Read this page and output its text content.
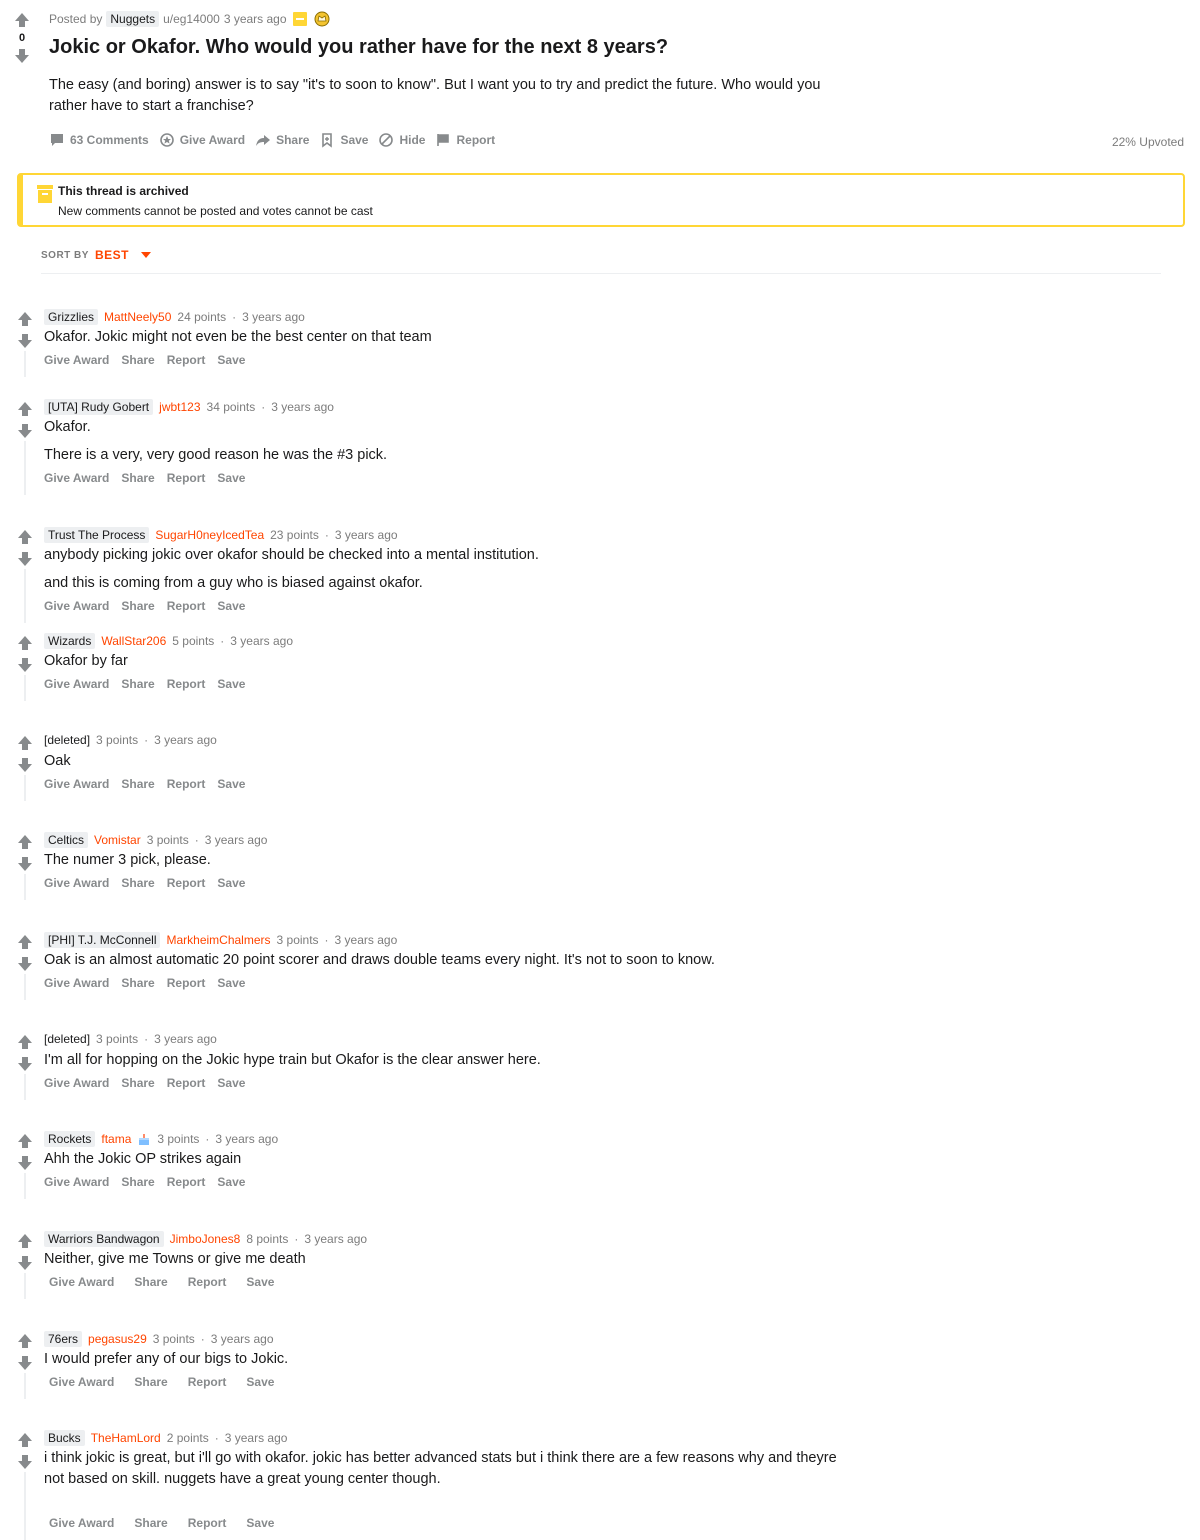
0
Posted by Nuggets u/eg14000 3 years ago
Jokic or Okafor. Who would you rather have for the next 8 years?
The easy (and boring) answer is to say "it's to soon to know". But I want you to try and predict the future. Who would you rather have to start a franchise?
63 Comments	Give Award	Share	Save	Hide	Report	22% Upvoted
This thread is archived
New comments cannot be posted and votes cannot be cast
SORT BY BEST
Grizzlies MattNeely50 24 points · 3 years ago

Okafor. Jokic might not even be the best center on that team

Give Award Share Report Save
[UTA] Rudy Gobert jwbt123 34 points · 3 years ago

Okafor.

There is a very, very good reason he was the #3 pick.

Give Award Share Report Save
Trust The Process SugarH0neyIcedTea 23 points · 3 years ago

anybody picking jokic over okafor should be checked into a mental institution.

and this is coming from a guy who is biased against okafor.

Give Award Share Report Save
Wizards WallStar206 5 points · 3 years ago

Okafor by far

Give Award Share Report Save
[deleted] 3 points · 3 years ago

Oak

Give Award Share Report Save
Celtics Vomistar 3 points · 3 years ago

The numer 3 pick, please.

Give Award Share Report Save
[PHI] T.J. McConnell MarkheimChalmers 3 points · 3 years ago

Oak is an almost automatic 20 point scorer and draws double teams every night. It's not to soon to know.

Give Award Share Report Save
[deleted] 3 points · 3 years ago

I'm all for hopping on the Jokic hype train but Okafor is the clear answer here.

Give Award Share Report Save
Rockets ftama 3 points · 3 years ago

Ahh the Jokic OP strikes again

Give Award Share Report Save
Warriors Bandwagon JimboJones8 8 points · 3 years ago

Neither, give me Towns or give me death

Give Award Share Report Save
76ers pegasus29 3 points · 3 years ago

I would prefer any of our bigs to Jokic.

Give Award Share Report Save
Bucks TheHamLord 2 points · 3 years ago

i think jokic is great, but i'll go with okafor. jokic has better advanced stats but i think there are a few reasons why and theyre not based on skill. nuggets have a great young center though.

Give Award Share Report Save
